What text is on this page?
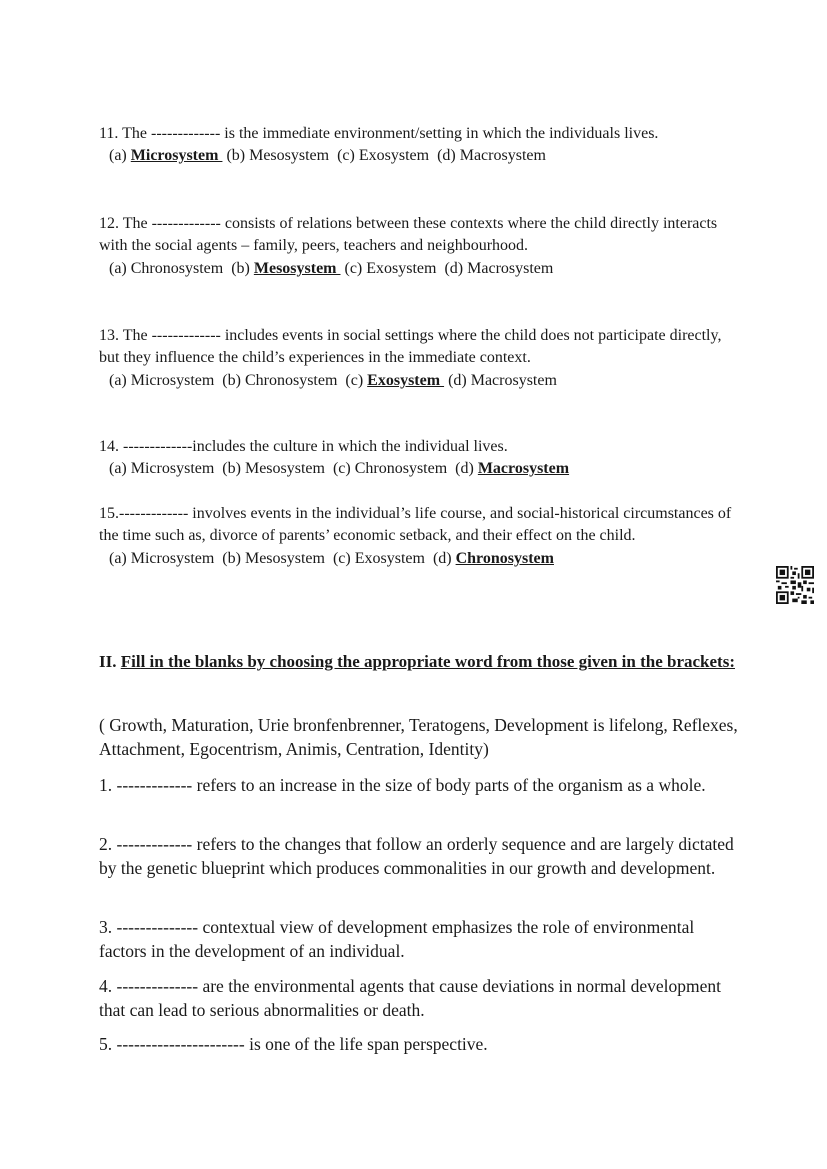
11. The ------------- is the immediate environment/setting in which the individuals lives.

(a) Microsystem  (b) Mesosystem  (c) Exosystem  (d) Macrosystem

12. The ------------- consists of relations between these contexts where the child directly interacts with the social agents – family, peers, teachers and neighbourhood.

(a) Chronosystem  (b) Mesosystem  (c) Exosystem  (d) Macrosystem

13. The ------------- includes events in social settings where the child does not participate directly, but they influence the child’s experiences in the immediate context.

(a) Microsystem  (b) Chronosystem  (c) Exosystem  (d) Macrosystem

14. -------------includes the culture in which the individual lives.

(a) Microsystem  (b) Mesosystem  (c) Chronosystem  (d) Macrosystem

15.------------- involves events in the individual’s life course, and social-historical circumstances of the time such as, divorce of parents’ economic setback, and their effect on the child.

(a) Microsystem  (b) Mesosystem  (c) Exosystem  (d) Chronosystem

II. Fill in the blanks by choosing the appropriate word from those given in the brackets:

( Growth, Maturation, Urie bronfenbrenner, Teratogens, Development is lifelong, Reflexes, Attachment, Egocentrism, Animis, Centration, Identity)

1. ------------- refers to an increase in the size of body parts of the organism as a whole.

2. ------------- refers to the changes that follow an orderly sequence and are largely dictated by the genetic blueprint which produces commonalities in our growth and development.

3. -------------- contextual view of development emphasizes the role of environmental factors in the development of an individual.

4. -------------- are the environmental agents that cause deviations in normal development that can lead to serious abnormalities or death.

5. ---------------------- is one of the life span perspective.
